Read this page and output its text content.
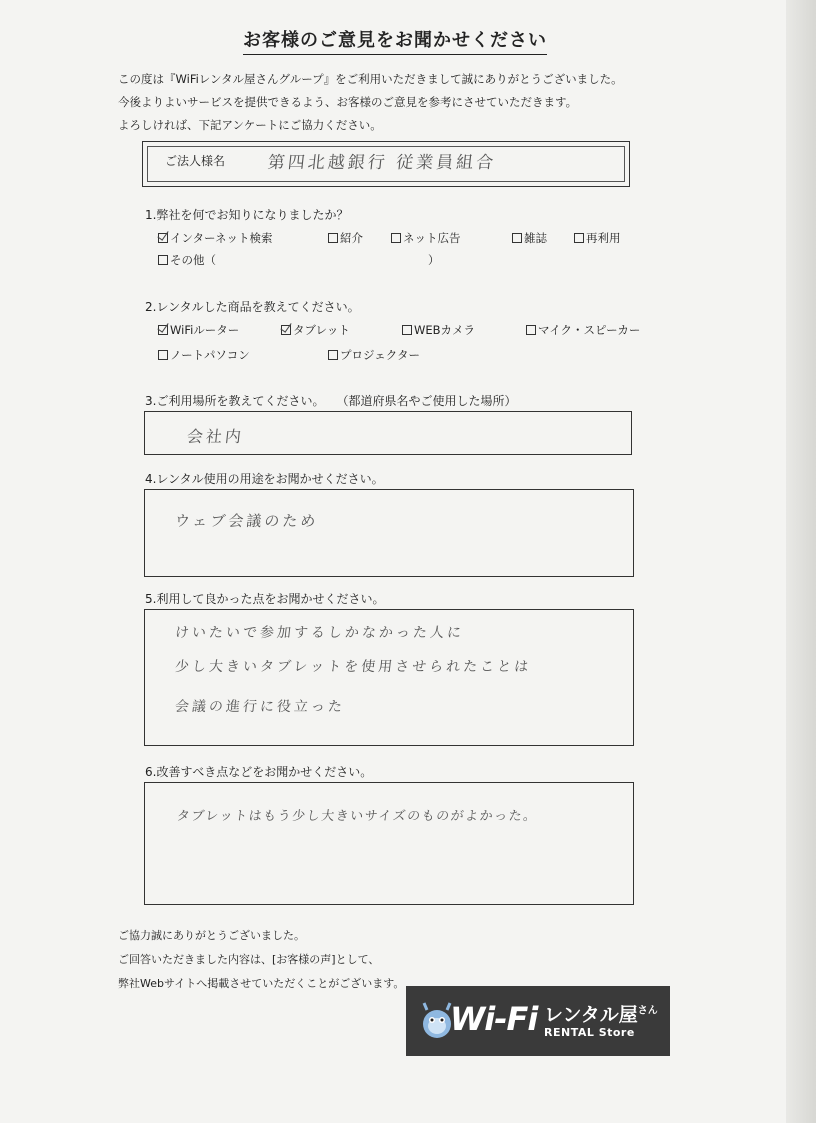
お客様のご意見をお聞かせください
この度は『WiFiレンタル屋さんグループ』をご利用いただきまして誠にありがとうございました。
今後よりよいサービスを提供できるよう、お客様のご意見を参考にさせていただきます。
よろしければ、下記アンケートにご協力ください。
ご法人様名 第四北越銀行 従業員組合
1.弊社を何でお知りになりましたか？
インターネット検索	紹介	ネット広告	雑誌	再利用
その他（	）
2.レンタルした商品を教えてください。
WiFiルーター	タブレット	WEBカメラ	マイク・スピーカー
ノートパソコン	プロジェクター
3.ご利用場所を教えてください。 （都道府県名やご使用した場所）
会社内
4.レンタル使用の用途をお聞かせください。
ウェブ会議のため
5.利用して良かった点をお聞かせください。
けいたいで参加するしかなかった人に
少し大きいタブレットを使用させられたことは
会議の進行に役立った
6.改善すべき点などをお聞かせください。
タブレットはもう少し大きいサイズのものがよかった。
ご協力誠にありがとうございました。
ご回答いただきました内容は、[お客様の声]として、
弊社Webサイトへ掲載させていただくことがございます。
Wi-Fi レンタル屋$^{さん}$
RENTAL Store
